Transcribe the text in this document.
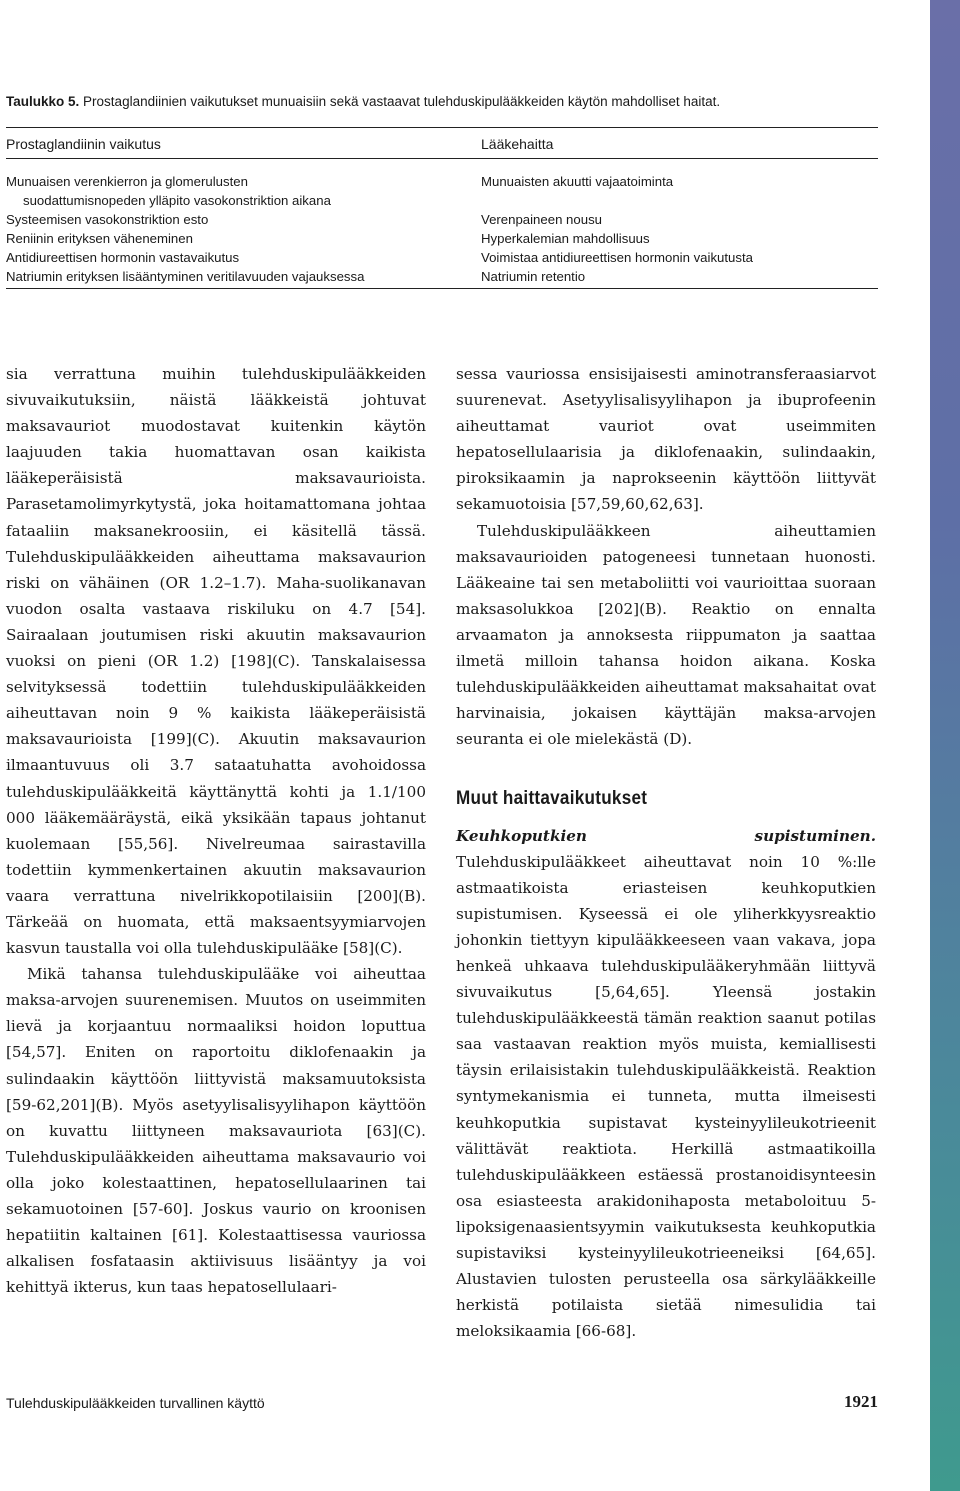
Taulukko 5. Prostaglandiinien vaikutukset munuaisiin sekä vastaavat tulehduskipulääkkeiden käytön mahdolliset haitat.
Prostaglandiinin vaikutus	Lääkehaitta
Munuaisen verenkierron ja glomerulusten
suodattumisnopeden ylläpito vasokonstriktion aikana
Systeemisen vasokonstriktion esto
Reniinin erityksen väheneminen
Antidiureettisen hormonin vastavaikutus
Natriumin erityksen lisääntyminen veritilavuuden vajauksessa
Munuaisten akuutti vajaatoiminta
Verenpaineen nousu
Hyperkalemian mahdollisuus
Voimistaa antidiureettisen hormonin vaikutusta
Natriumin retentio

sia verrattuna muihin tulehduskipulääkkeiden sivuvaikutuksiin, näistä lääkkeistä johtuvat maksavauriot muodostavat kuitenkin käytön laajuuden takia huomattavan osan kaikista lääkeperäisistä maksavaurioista. Parasetamolimyrkytystä, joka hoitamattomana johtaa fataaliin maksanekroosiin, ei käsitellä tässä. Tulehduskipulääkkeiden aiheuttama maksavaurion riski on vähäinen (OR 1.2–1.7). Maha-suolikanavan vuodon osalta vastaava riskiluku on 4.7 [54]. Sairaalaan joutumisen riski akuutin maksavaurion vuoksi on pieni (OR 1.2) [198](C). Tanskalaisessa selvityksessä todettiin tulehduskipulääkkeiden aiheuttavan noin 9 % kaikista lääkeperäisistä maksavaurioista [199](C). Akuutin maksavaurion ilmaantuvuus oli 3.7 sataatuhatta avohoidossa tulehduskipulääkkeitä käyttänyttä kohti ja 1.1/100 000 lääkemääräystä, eikä yksikään tapaus johtanut kuolemaan [55,56]. Nivelreumaa sairastavilla todettiin kymmenkertainen akuutin maksavaurion vaara verrattuna nivelrikkopotilaisiin [200](B). Tärkeää on huomata, että maksaentsyymiarvojen kasvun taustalla voi olla tulehduskipulääke [58](C).

Mikä tahansa tulehduskipulääke voi aiheuttaa maksa-arvojen suurenemisen. Muutos on useimmiten lievä ja korjaantuu normaaliksi hoidon loputtua [54,57]. Eniten on raportoitu diklofenaakin ja sulindaakin käyttöön liittyvistä maksamuutoksista [59-62,201](B). Myös asetyylisalisyylihapon käyttöön on kuvattu liittyneen maksavauriota [63](C). Tulehduskipulääkkeiden aiheuttama maksavaurio voi olla joko kolestaattinen, hepatosellulaarinen tai sekamuotoinen [57-60]. Joskus vaurio on kroonisen hepatiitin kaltainen [61]. Kolestaattisessa vauriossa alkalisen fosfataasin aktiivisuus lisääntyy ja voi kehittyä ikterus, kun taas hepatosellulaari-

sessa vauriossa ensisijaisesti aminotransferaasiarvot suurenevat. Asetyylisalisyylihapon ja ibuprofeenin aiheuttamat vauriot ovat useimmiten hepatosellulaarisia ja diklofenaakin, sulindaakin, piroksikaamin ja naprokseenin käyttöön liittyvät sekamuotoisia [57,59,60,62,63].

Tulehduskipulääkkeen aiheuttamien maksavaurioiden patogeneesi tunnetaan huonosti. Lääkeaine tai sen metaboliitti voi vaurioittaa suoraan maksasolukkoa [202](B). Reaktio on ennalta arvaamaton ja annoksesta riippumaton ja saattaa ilmetä milloin tahansa hoidon aikana. Koska tulehduskipulääkkeiden aiheuttamat maksahaitat ovat harvinaisia, jokaisen käyttäjän maksa-arvojen seuranta ei ole mielekästä (D).

Muut haittavaikutukset

Keuhkoputkien supistuminen. Tulehduskipulääkkeet aiheuttavat noin 10 %:lle astmaatikoista eriasteisen keuhkoputkien supistumisen. Kyseessä ei ole yliherkkyysreaktio johonkin tiettyyn kipulääkkeeseen vaan vakava, jopa henkeä uhkaava tulehduskipulääkeryhmään liittyvä sivuvaikutus [5,64,65]. Yleensä jostakin tulehduskipulääkkeestä tämän reaktion saanut potilas saa vastaavan reaktion myös muista, kemiallisesti täysin erilaisistakin tulehduskipulääkkeistä. Reaktion syntymekanismia ei tunneta, mutta ilmeisesti keuhkoputkia supistavat kysteinyylileukotrieenit välittävät reaktiota. Herkillä astmaatikoilla tulehduskipulääkkeen estäessä prostanoidisynteesin osa esiasteesta arakidonihaposta metaboloituu 5-lipoksigenaasientsyymin vaikutuksesta keuhkoputkia supistaviksi kysteinyylileukotrieeneiksi [64,65]. Alustavien tulosten perusteella osa särkylääkkeille herkistä potilaista sietää nimesulidia tai meloksikaamia [66-68].

Tulehduskipulääkkeiden turvallinen käyttö	1921
